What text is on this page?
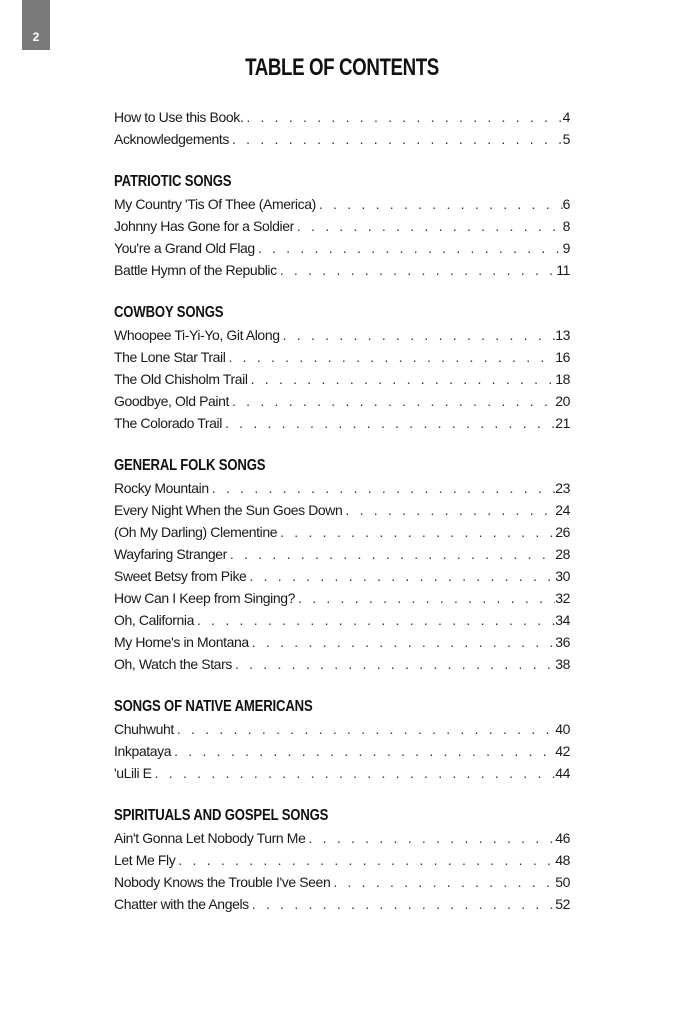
2
TABLE OF CONTENTS
How to Use this Book. . . .	4
Acknowledgements . . .	5
PATRIOTIC SONGS
My Country 'Tis Of Thee (America) . . .	6
Johnny Has Gone for a Soldier . . .	8
You're a Grand Old Flag . . .	9
Battle Hymn of the Republic . . .	11
COWBOY SONGS
Whoopee Ti-Yi-Yo, Git Along . . .	13
The Lone Star Trail . . .	16
The Old Chisholm Trail . . .	18
Goodbye, Old Paint . . .	20
The Colorado Trail . . .	21
GENERAL FOLK SONGS
Rocky Mountain . . .	23
Every Night When the Sun Goes Down . . .	24
(Oh My Darling) Clementine . . .	26
Wayfaring Stranger . . .	28
Sweet Betsy from Pike . . .	30
How Can I Keep from Singing? . . .	32
Oh, California . . .	34
My Home's in Montana . . .	36
Oh, Watch the Stars . . .	38
SONGS OF NATIVE AMERICANS
Chuhwuht . . .	40
Inkpataya . . .	42
'uLili E . . .	44
SPIRITUALS AND GOSPEL SONGS
Ain't Gonna Let Nobody Turn Me . . .	46
Let Me Fly . . .	48
Nobody Knows the Trouble I've Seen . . .	50
Chatter with the Angels . . .	52
